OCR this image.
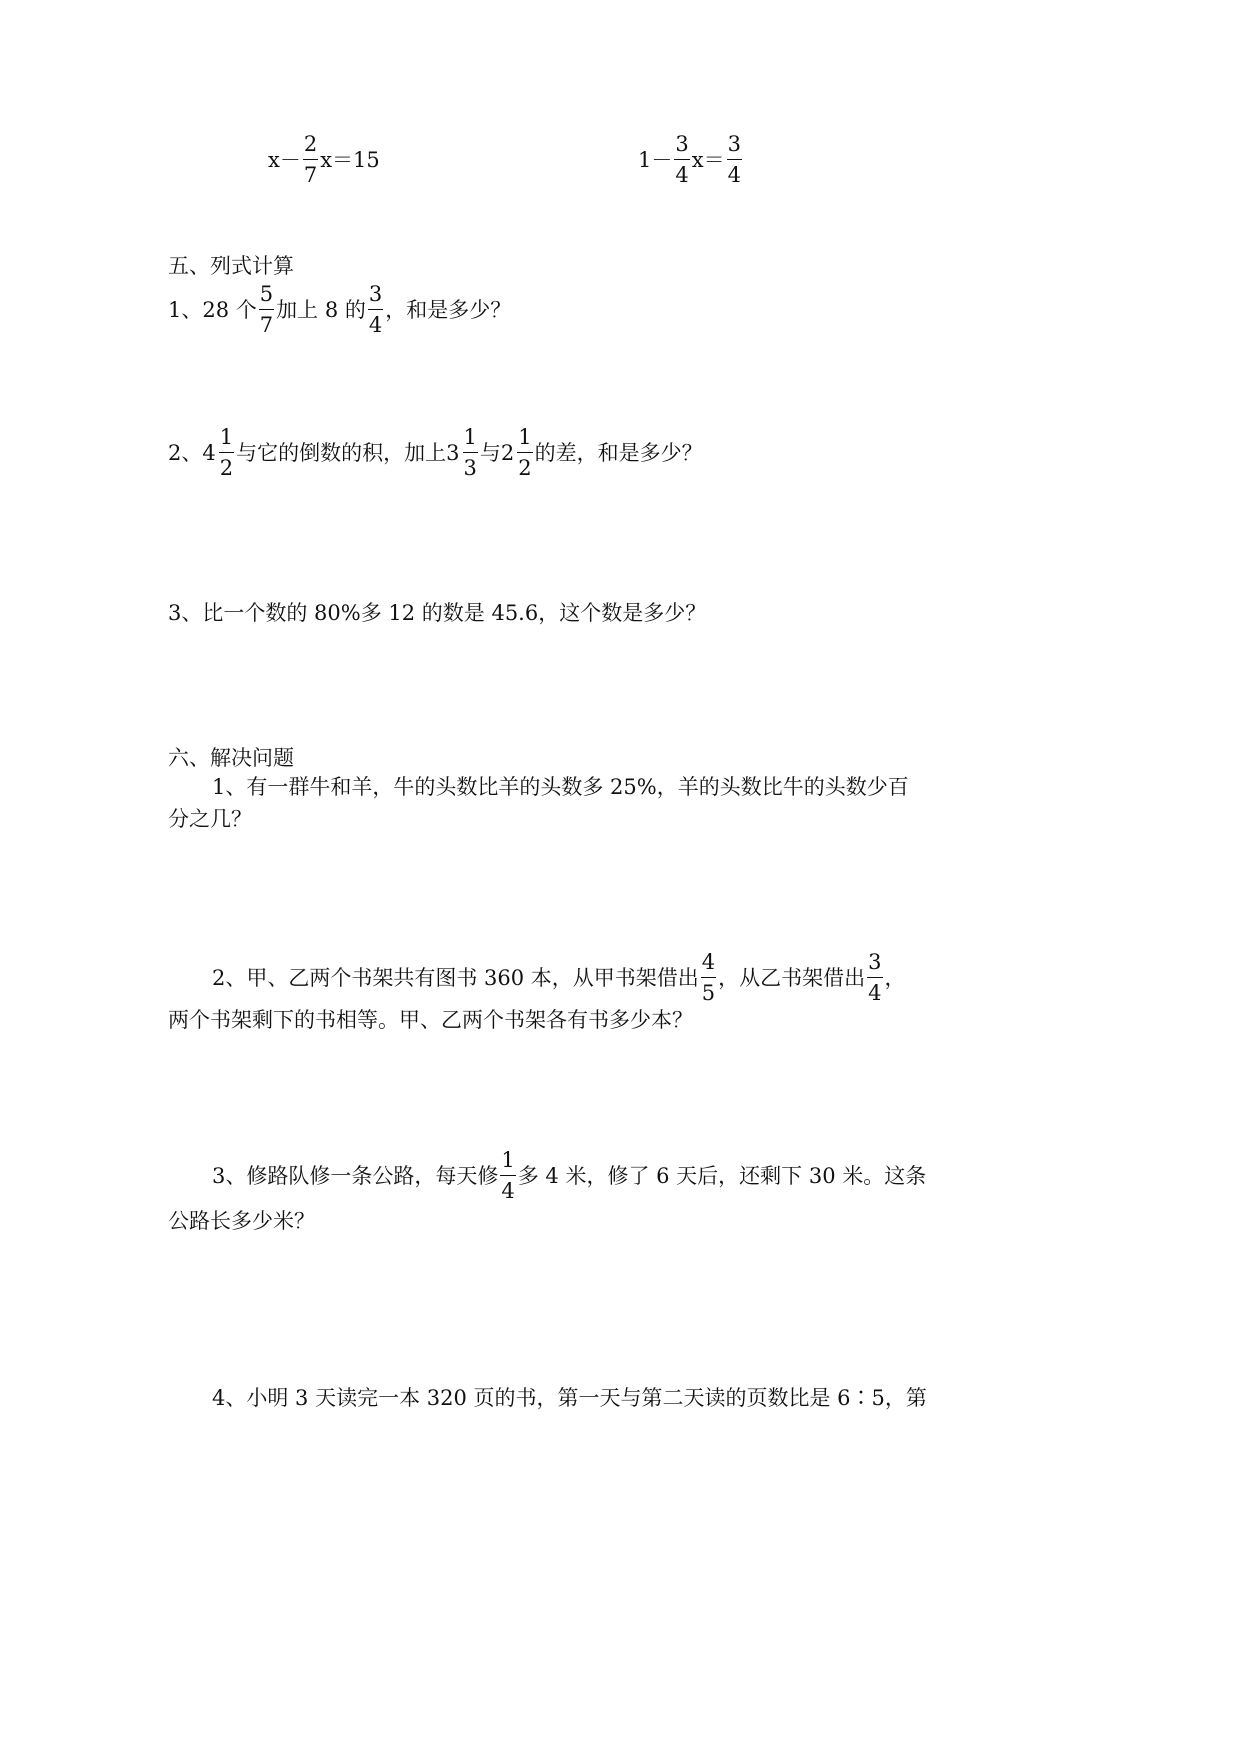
$x- \frac{2}{7} x=15$	$1- \frac{3}{4} x= \frac{3}{4}$
五、列式计算
1、28 个 $\frac{5}{7}$ 加上 8 的 $\frac{3}{4}$ ，和是多少？
2、 $4 \frac{1}{2}$ 与它的倒数的积，加上 $3 \frac{1}{3}$ 与 $2 \frac{1}{2}$ 的差，和是多少？
3、比一个数的 80%多 12 的数是 45.6，这个数是多少？
六、解决问题
1、有一群牛和羊，牛的头数比羊的头数多 25%，羊的头数比牛的头数少百
分之几？
2、甲、乙两个书架共有图书 360 本，从甲书架借出 $\frac{4}{5}$ ，从乙书架借出 $\frac{3}{4}$ ，
两个书架剩下的书相等。甲、乙两个书架各有书多少本？
3、修路队修一条公路，每天修 $\frac{1}{4}$ 多 4 米，修了 6 天后，还剩下 30 米。这条
公路长多少米？
4、小明 3 天读完一本 320 页的书，第一天与第二天读的页数比是 6∶5，第
